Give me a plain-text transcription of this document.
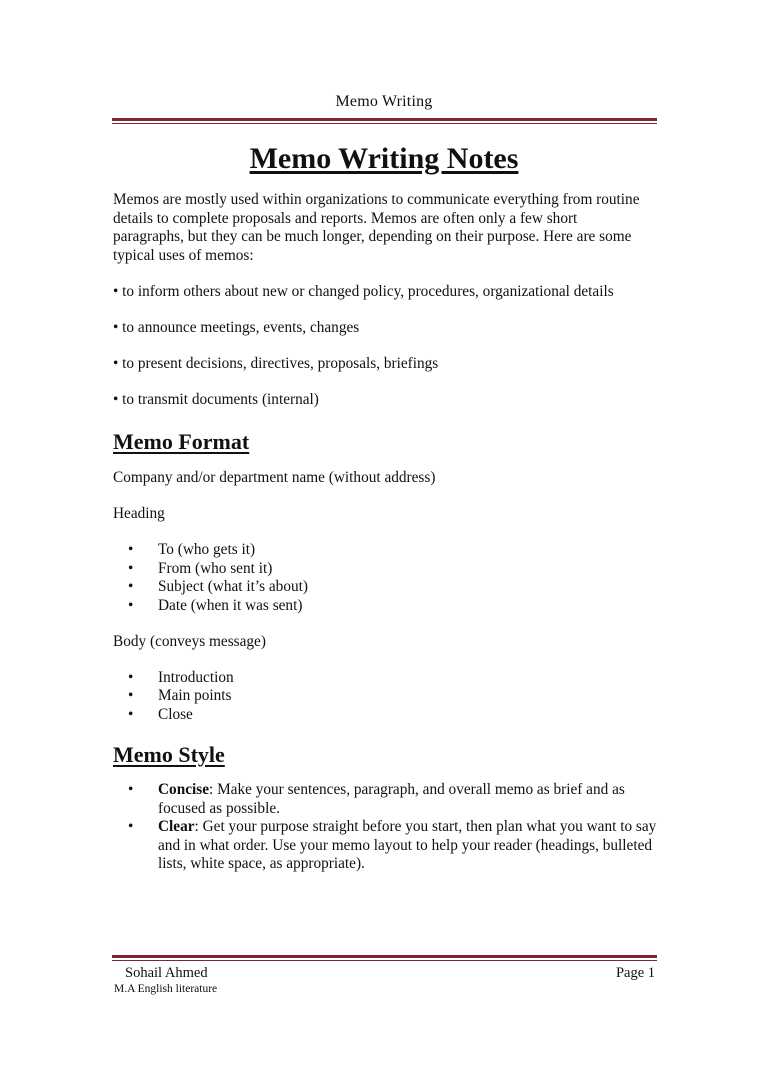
Memo Writing
Memo Writing Notes

Memos are mostly used within organizations to communicate everything from routine details to complete proposals and reports. Memos are often only a few short paragraphs, but they can be much longer, depending on their purpose. Here are some typical uses of memos:

• to inform others about new or changed policy, procedures, organizational details

• to announce meetings, events, changes

• to present decisions, directives, proposals, briefings

• to transmit documents (internal)

Memo Format

Company and/or department name (without address)

Heading

• To (who gets it)
• From (who sent it)
• Subject (what it’s about)
• Date (when it was sent)

Body (conveys message)

• Introduction
• Main points
• Close
Memo Style
• Concise: Make your sentences, paragraph, and overall memo as brief and as focused as possible.
• Clear: Get your purpose straight before you start, then plan what you want to say and in what order. Use your memo layout to help your reader (headings, bulleted lists, white space, as appropriate).
Sohail Ahmed	Page 1
M.A English literature
